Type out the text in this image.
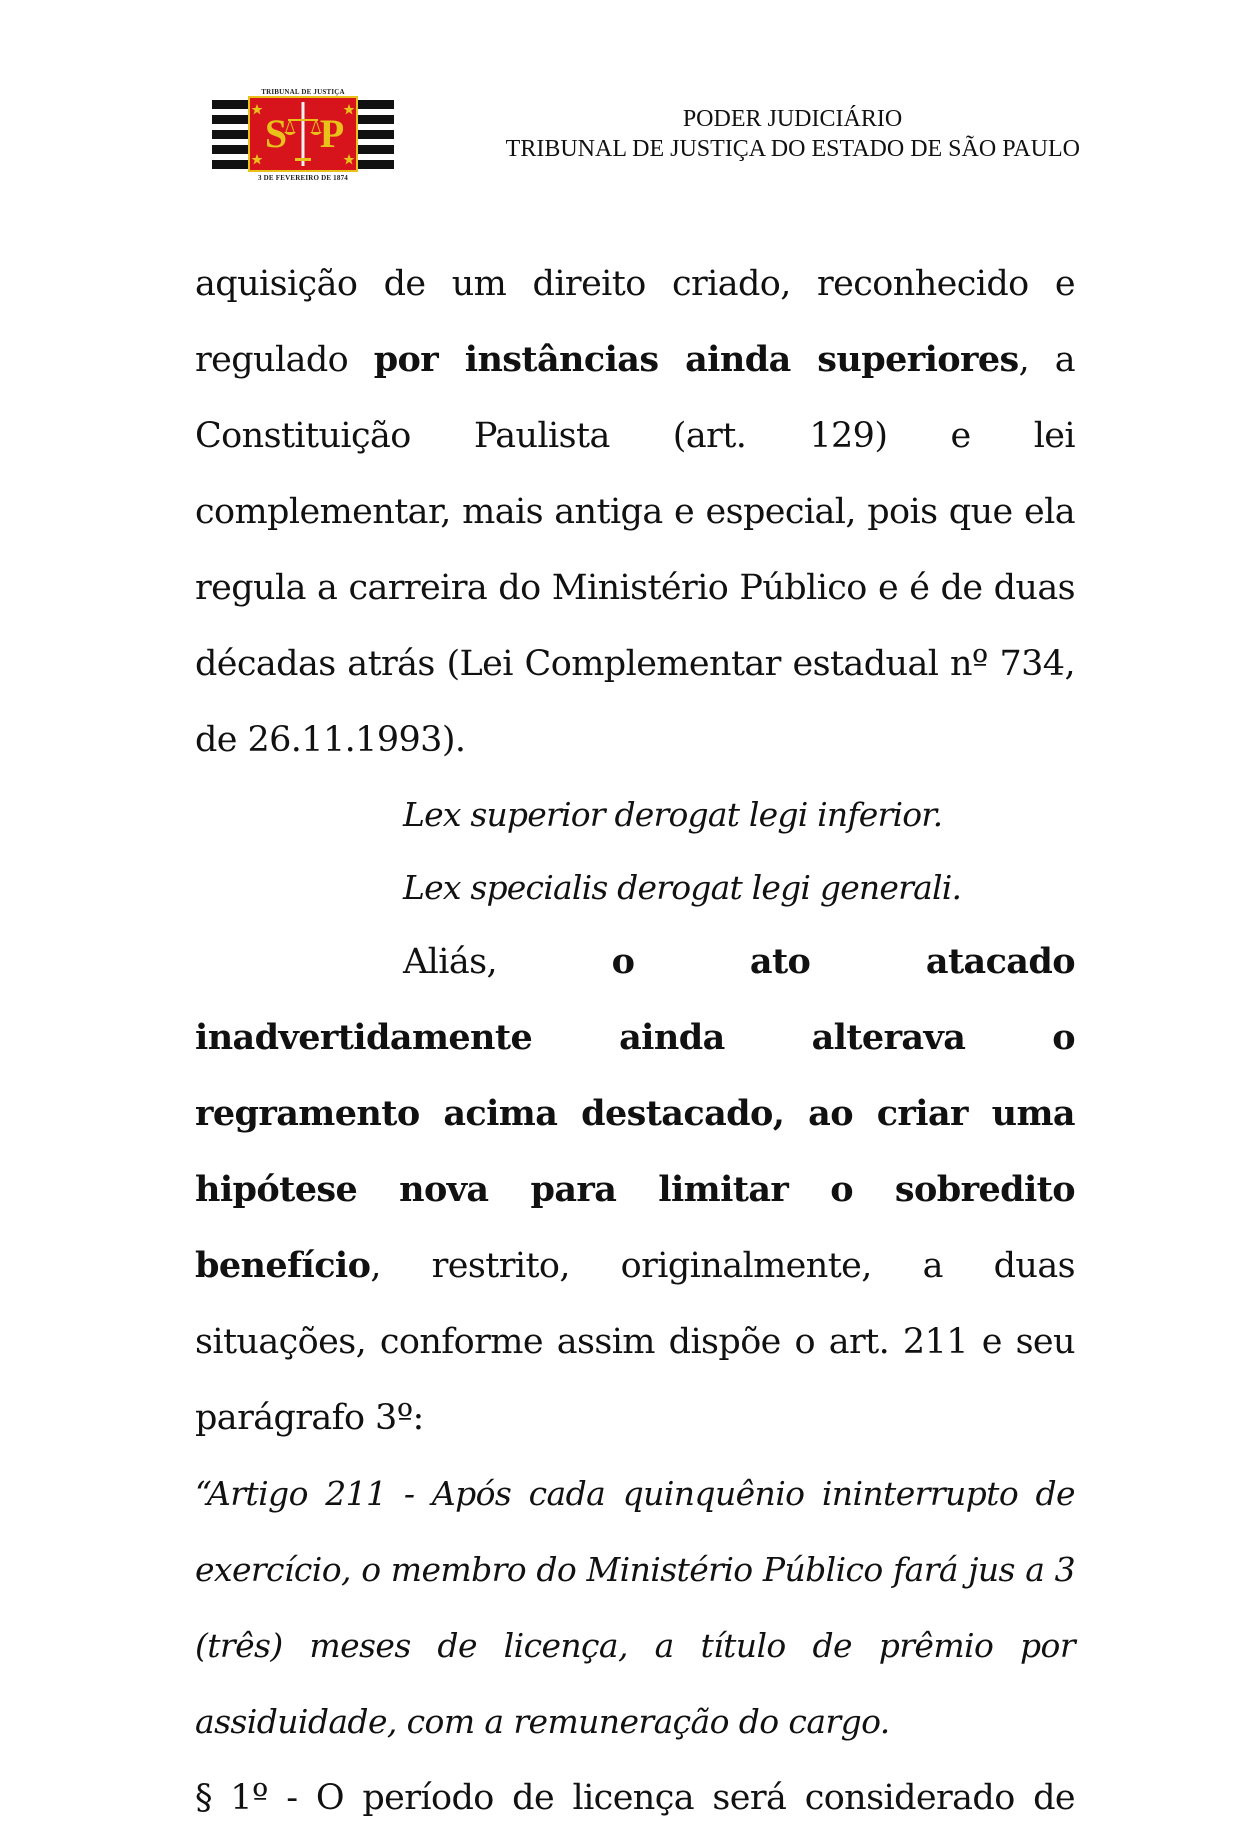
TRIBUNAL DE JUSTIÇA
S P
3 DE FEVEREIRO DE 1874
PODER JUDICIÁRIO
TRIBUNAL DE JUSTIÇA DO ESTADO DE SÃO PAULO

aquisição de um direito criado, reconhecido e regulado por instâncias ainda superiores, a Constituição Paulista (art. 129) e lei complementar, mais antiga e especial, pois que ela regula a carreira do Ministério Público e é de duas décadas atrás (Lei Complementar estadual nº 734, de 26.11.1993).

Lex superior derogat legi inferior.

Lex specialis derogat legi generali.

Aliás, o ato atacado inadvertidamente ainda alterava o regramento acima destacado, ao criar uma hipótese nova para limitar o sobredito benefício, restrito, originalmente, a duas situações, conforme assim dispõe o art. 211 e seu parágrafo 3º:

“Artigo 211 - Após cada quinquênio ininterrupto de exercício, o membro do Ministério Público fará jus a 3 (três) meses de licença, a título de prêmio por assiduidade, com a remuneração do cargo.

§ 1º - O período de licença será considerado de
